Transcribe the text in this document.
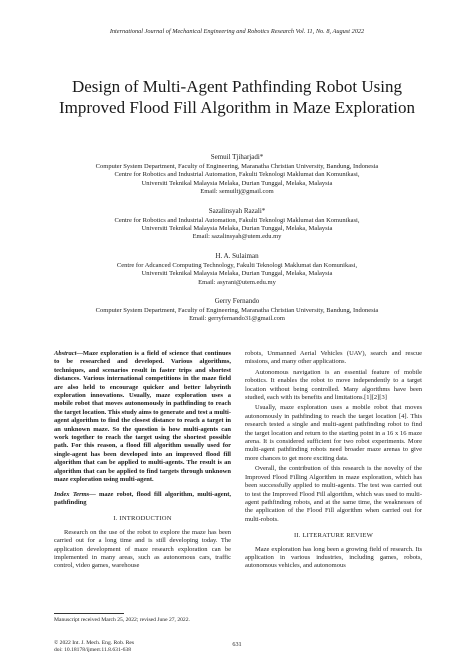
International Journal of Mechanical Engineering and Robotics Research Vol. 11, No. 8, August 2022
Design of Multi-Agent Pathfinding Robot Using Improved Flood Fill Algorithm in Maze Exploration
Semuil Tjiharjadi*
Computer System Department, Faculty of Engineering, Maranatha Christian University, Bandung, Indonesia
Centre for Robotics and Industrial Automation, Fakulti Teknologi Maklumat dan Komunikasi,
Universiti Teknikal Malaysia Melaka, Durian Tunggal, Melaka, Malaysia
Email: semuiltj@gmail.com
Sazalinsyah Razali*
Centre for Robotics and Industrial Automation, Fakulti Teknologi Maklumat dan Komunikasi,
Universiti Teknikal Malaysia Melaka, Durian Tunggal, Melaka, Malaysia
Email: sazalinsyah@utem.edu.my
H. A. Sulaiman
Centre for Adcanced Computing Technology, Fakulti Teknologi Maklumat dan Komunikasi,
Universiti Teknikal Malaysia Melaka, Durian Tunggal, Melaka, Malaysia
Email: asyrani@utem.edu.my
Gerry Fernando
Computer System Department, Faculty of Engineering, Maranatha Christian University, Bandung, Indonesia
Email: gerryfernando31@gmail.com
Abstract—Maze exploration is a field of science that continues to be researched and developed. Various algorithms, techniques, and scenarios result in faster trips and shortest distances. Various international competitions in the maze field are also held to encourage quicker and better labyrinth exploration innovations. Usually, maze exploration uses a mobile robot that moves autonomously in pathfinding to reach the target location. This study aims to generate and test a multi-agent algorithm to find the closest distance to reach a target in an unknown maze. So the question is how multi-agents can work together to reach the target using the shortest possible path. For this reason, a flood fill algorithm usually used for single-agent has been developed into an improved flood fill algorithm that can be applied to multi-agents. The result is an algorithm that can be applied to find targets through unknown maze exploration using multi-agent.
Index Terms— maze robot, flood fill algorithm, multi-agent, pathfinding
I. INTRODUCTION

Research on the use of the robot to explore the maze has been carried out for a long time and is still developing today. The application development of maze research exploration can be implemented in many areas, such as autonomous cars, traffic control, video games, warehouse

robots, Unmanned Aerial Vehicles (UAV), search and rescue missions, and many other applications.

Autonomous navigation is an essential feature of mobile robotics. It enables the robot to move independently to a target location without being controlled. Many algorithms have been studied, each with its benefits and limitations.[1][2][3]

Usually, maze exploration uses a mobile robot that moves autonomously in pathfinding to reach the target location [4]. This research tested a single and multi-agent pathfinding robot to find the target location and return to the starting point in a 16 x 16 maze arena. It is considered sufficient for two robot experiments. More multi-agent pathfinding robots need broader maze arenas to give more chances to get more exciting data.

Overall, the contribution of this research is the novelty of the Improved Flood Filling Algorithm in maze exploration, which has been successfully applied to multi-agents. The test was carried out to test the Improved Flood Fill algorithm, which was used to multi-agent pathfinding robots, and at the same time, the weaknesses of the application of the Flood Fill algorithm when carried out for multi-robots.

II. LITERATURE REVIEW

Maze exploration has long been a growing field of research. Its application in various industries, including games, robots, autonomous vehicles, and autonomous

Manuscript received March 25, 2022; revised June 27, 2022.
© 2022 Int. J. Mech. Eng. Rob. Res
doi: 10.18178/ijmerr.11.8.631-638
631
